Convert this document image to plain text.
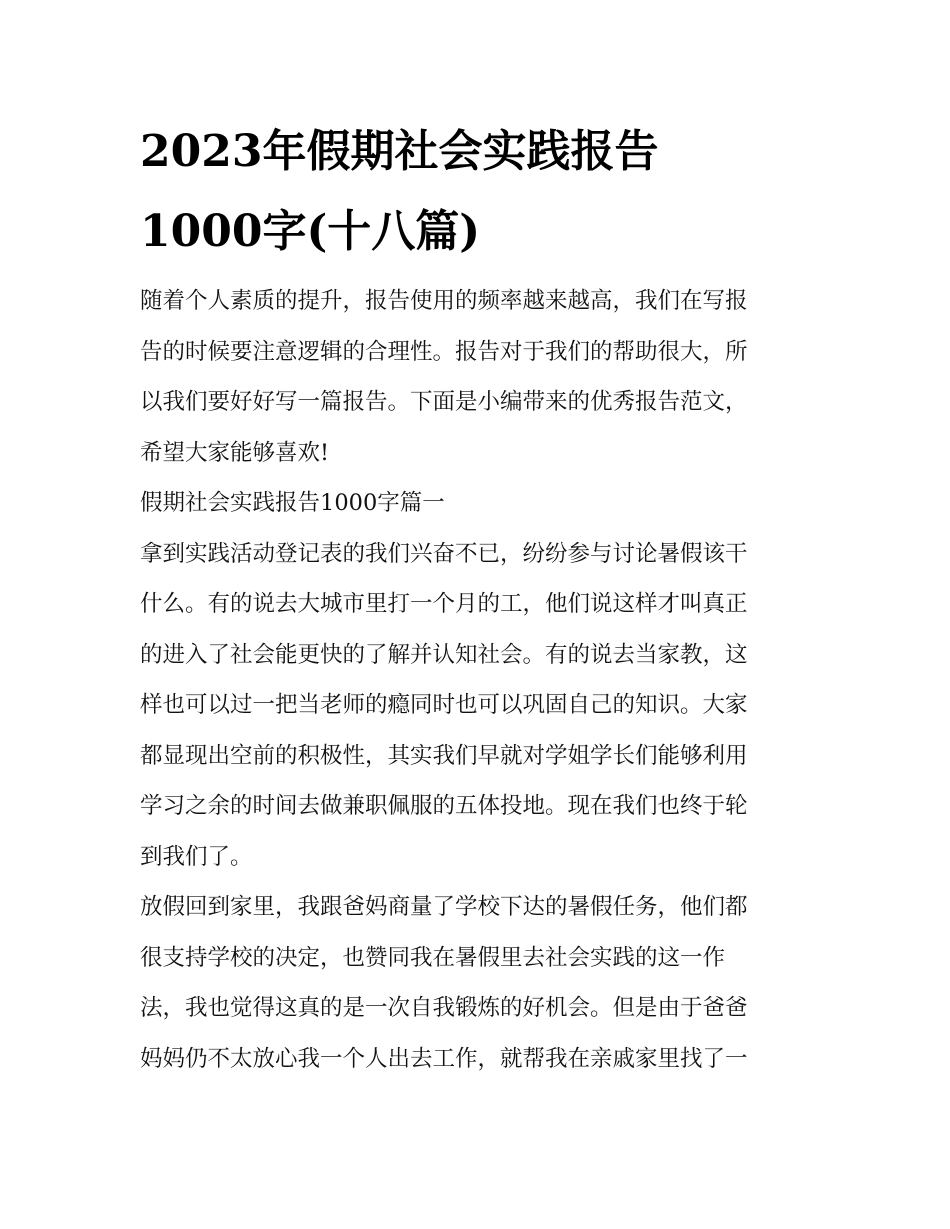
2023年假期社会实践报告
1000字(十八篇)

随着个人素质的提升，报告使用的频率越来越高，我们在写报
告的时候要注意逻辑的合理性。报告对于我们的帮助很大，所
以我们要好好写一篇报告。下面是小编带来的优秀报告范文，
希望大家能够喜欢!

假期社会实践报告1000字篇一

拿到实践活动登记表的我们兴奋不已，纷纷参与讨论暑假该干
什么。有的说去大城市里打一个月的工，他们说这样才叫真正
的进入了社会能更快的了解并认知社会。有的说去当家教，这
样也可以过一把当老师的瘾同时也可以巩固自己的知识。大家
都显现出空前的积极性，其实我们早就对学姐学长们能够利用
学习之余的时间去做兼职佩服的五体投地。现在我们也终于轮
到我们了。

放假回到家里，我跟爸妈商量了学校下达的暑假任务，他们都
很支持学校的决定，也赞同我在暑假里去社会实践的这一作
法，我也觉得这真的是一次自我锻炼的好机会。但是由于爸爸
妈妈仍不太放心我一个人出去工作，就帮我在亲戚家里找了一
